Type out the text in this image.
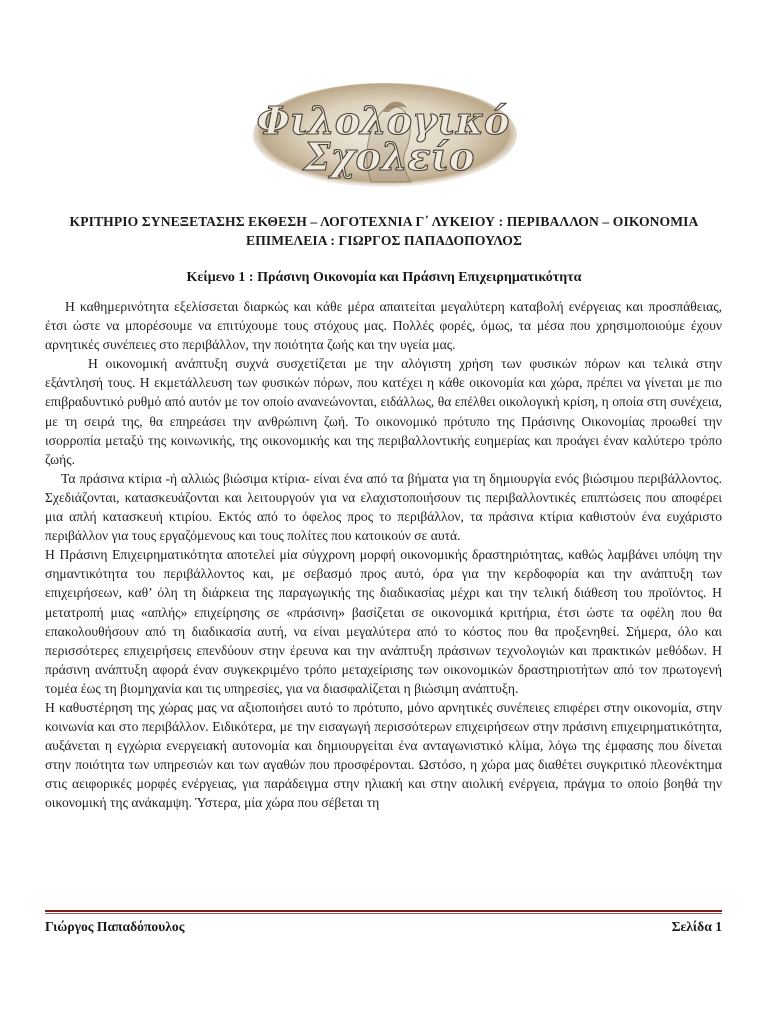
Φιλολογικό
Σχολείο

ΚΡΙΤΗΡΙΟ ΣΥΝΕΞΕΤΑΣΗΣ ΕΚΘΕΣΗ – ΛΟΓΟΤΕΧΝΙΑ Γ΄ ΛΥΚΕΙΟΥ : ΠΕΡΙΒΑΛΛΟΝ – ΟΙΚΟΝΟΜΙΑ

ΕΠΙΜΕΛΕΙΑ : ΓΙΩΡΓΟΣ ΠΑΠΑΔΟΠΟΥΛΟΣ

Κείμενο 1 : Πράσινη Οικονομία και Πράσινη Επιχειρηματικότητα

Η καθημερινότητα εξελίσσεται διαρκώς και κάθε μέρα απαιτείται μεγαλύτερη καταβολή ενέργειας και προσπάθειας, έτσι ώστε να μπορέσουμε να επιτύχουμε τους στόχους μας. Πολλές φορές, όμως, τα μέσα που χρησιμοποιούμε έχουν αρνητικές συνέπειες στο περιβάλλον, την ποιότητα ζωής και την υγεία μας.

Η οικονομική ανάπτυξη συχνά συσχετίζεται με την αλόγιστη χρήση των φυσικών πόρων και τελικά στην εξάντλησή τους. Η εκμετάλλευση των φυσικών πόρων, που κατέχει η κάθε οικονομία και χώρα, πρέπει να γίνεται με πιο επιβραδυντικό ρυθμό από αυτόν με τον οποίο ανανεώνονται, ειδάλλως, θα επέλθει οικολογική κρίση, η οποία στη συνέχεια, με τη σειρά της, θα επηρεάσει την ανθρώπινη ζωή. Το οικονομικό πρότυπο της Πράσινης Οικονομίας προωθεί την ισορροπία μεταξύ της κοινωνικής, της οικονομικής και της περιβαλλοντικής ευημερίας και προάγει έναν καλύτερο τρόπο ζωής.

Τα πράσινα κτίρια -ή αλλιώς βιώσιμα κτίρια- είναι ένα από τα βήματα για τη δημιουργία ενός βιώσιμου περιβάλλοντος. Σχεδιάζονται, κατασκευάζονται και λειτουργούν για να ελαχιστοποιήσουν τις περιβαλλοντικές επιπτώσεις που αποφέρει μια απλή κατασκευή κτιρίου. Εκτός από το όφελος προς το περιβάλλον, τα πράσινα κτίρια καθιστούν ένα ευχάριστο περιβάλλον για τους εργαζόμενους και τους πολίτες που κατοικούν σε αυτά.

Η Πράσινη Επιχειρηματικότητα αποτελεί μία σύγχρονη μορφή οικονομικής δραστηριότητας, καθώς λαμβάνει υπόψη την σημαντικότητα του περιβάλλοντος και, με σεβασμό προς αυτό, όρα για την κερδοφορία και την ανάπτυξη των επιχειρήσεων, καθ’ όλη τη διάρκεια της παραγωγικής της διαδικασίας μέχρι και την τελική διάθεση του προϊόντος. Η μετατροπή μιας «απλής» επιχείρησης σε «πράσινη» βασίζεται σε οικονομικά κριτήρια, έτσι ώστε τα οφέλη που θα επακολουθήσουν από τη διαδικασία αυτή, να είναι μεγαλύτερα από το κόστος που θα προξενηθεί. Σήμερα, όλο και περισσότερες επιχειρήσεις επενδύουν στην έρευνα και την ανάπτυξη πράσινων τεχνολογιών και πρακτικών μεθόδων. Η πράσινη ανάπτυξη αφορά έναν συγκεκριμένο τρόπο μεταχείρισης των οικονομικών δραστηριοτήτων από τον πρωτογενή τομέα έως τη βιομηχανία και τις υπηρεσίες, για να διασφαλίζεται η βιώσιμη ανάπτυξη.

Η καθυστέρηση της χώρας μας να αξιοποιήσει αυτό το πρότυπο, μόνο αρνητικές συνέπειες επιφέρει στην οικονομία, στην κοινωνία και στο περιβάλλον. Ειδικότερα, με την εισαγωγή περισσότερων επιχειρήσεων στην πράσινη επιχειρηματικότητα, αυξάνεται η εγχώρια ενεργειακή αυτονομία και δημιουργείται ένα ανταγωνιστικό κλίμα, λόγω της έμφασης που δίνεται στην ποιότητα των υπηρεσιών και των αγαθών που προσφέρονται. Ωστόσο, η χώρα μας διαθέτει συγκριτικό πλεονέκτημα στις αειφορικές μορφές ενέργειας, για παράδειγμα στην ηλιακή και στην αιολική ενέργεια, πράγμα το οποίο βοηθά την οικονομική της ανάκαμψη. Ύστερα, μία χώρα που σέβεται τη

Γιώργος Παπαδόπουλος	Σελίδα 1
